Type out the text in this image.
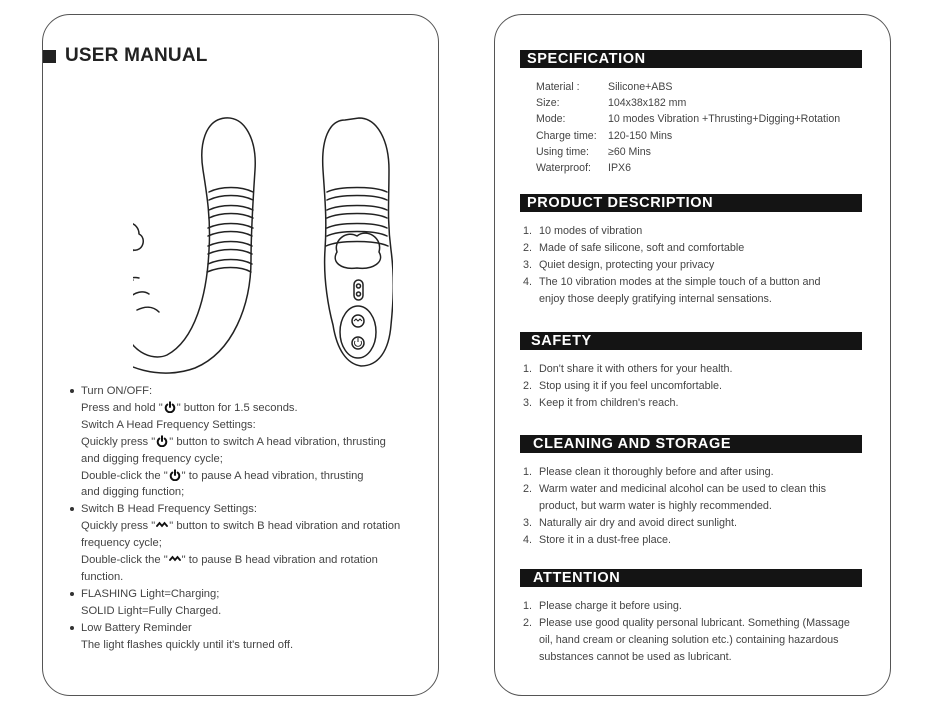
USER MANUAL
Turn ON/OFF:
Press and hold " " button for 1.5 seconds.
Switch A Head Frequency Settings:
Quickly press " " button to switch A head vibration, thrusting
and digging frequency cycle;
Double-click the " " to pause A head vibration, thrusting
and digging function;
Switch B Head Frequency Settings:
Quickly press " " button to switch B head vibration and rotation
frequency cycle;
Double-click the " " to pause B head vibration and rotation
function.
FLASHING Light=Charging;
SOLID Light=Fully Charged.
Low Battery Reminder
The light flashes quickly until it's turned off.
SPECIFICATION
Material :	Silicone+ABS
Size:	104x38x182 mm
Mode:	10 modes Vibration +Thrusting+Digging+Rotation
Charge time:	120-150 Mins
Using time:	≥60 Mins
Waterproof:	IPX6
PRODUCT DESCRIPTION
1. 10 modes of vibration
2. Made of safe silicone, soft and comfortable
3. Quiet design, protecting your privacy
4. The 10 vibration modes at the simple touch of a button and
enjoy those deeply gratifying internal sensations.
SAFETY
1. Don't share it with others for your health.
2. Stop using it if you feel uncomfortable.
3. Keep it from children's reach.
CLEANING AND STORAGE
1. Please clean it thoroughly before and after using.
2. Warm water and medicinal alcohol can be used to clean this
product, but warm water is highly recommended.
3. Naturally air dry and avoid direct sunlight.
4. Store it in a dust-free place.
ATTENTION
1. Please charge it before using.
2. Please use good quality personal lubricant. Something (Massage
oil, hand cream or cleaning solution etc.) containing hazardous
substances cannot be used as lubricant.
